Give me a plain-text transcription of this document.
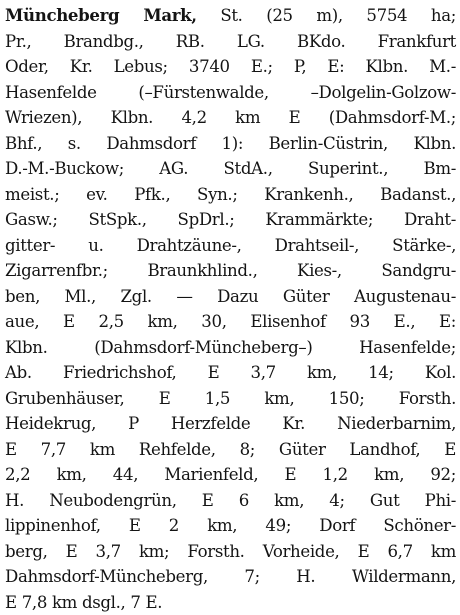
Müncheberg Mark, St. (25 m), 5754 ha;
Pr., Brandbg., RB. LG. BKdo. Frankfurt
Oder, Kr. Lebus; 3740 E.; P, E: Klbn. M.-
Hasenfelde (–Fürstenwalde, –Dolgelin-Golzow-
Wriezen), Klbn. 4,2 km E (Dahmsdorf-M.;
Bhf., s. Dahmsdorf 1): Berlin-Cüstrin, Klbn.
D.-M.-Buckow; AG. StdA., Superint., Bm-
meist.; ev. Pfk., Syn.; Krankenh., Badanst.,
Gasw.; StSpk., SpDrl.; Krammärkte; Draht-
gitter- u. Drahtzäune-, Drahtseil-, Stärke-,
Zigarrenfbr.; Braunkhlind., Kies-, Sandgru-
ben, Ml., Zgl. — Dazu Güter Augustenau-
aue, E 2,5 km, 30, Elisenhof 93 E., E:
Klbn. (Dahmsdorf-Müncheberg–) Hasenfelde;
Ab. Friedrichshof, E 3,7 km, 14; Kol.
Grubenhäuser, E 1,5 km, 150; Forsth.
Heidekrug, P Herzfelde Kr. Niederbarnim,
E 7,7 km Rehfelde, 8; Güter Landhof, E
2,2 km, 44, Marienfeld, E 1,2 km, 92;
H. Neubodengrün, E 6 km, 4; Gut Phi-
lippinenhof, E 2 km, 49; Dorf Schöner-
berg, E 3,7 km; Forsth. Vorheide, E 6,7 km
Dahmsdorf-Müncheberg, 7; H. Wildermann,
E 7,8 km dsgl., 7 E.
